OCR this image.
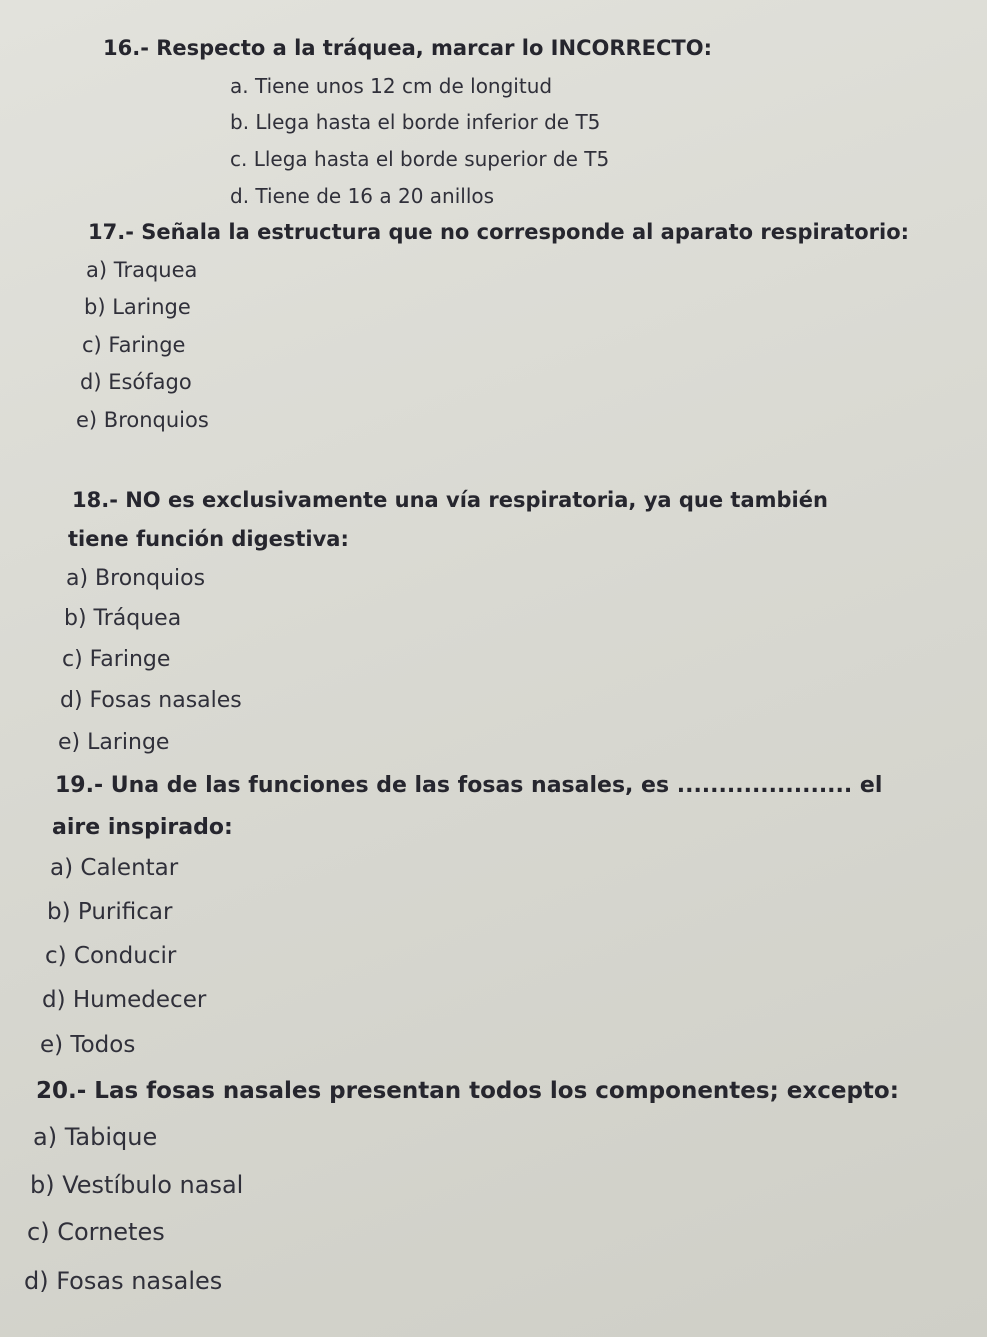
16.- Respecto a la tráquea, marcar lo INCORRECTO:
a. Tiene unos 12 cm de longitud
b. Llega hasta el borde inferior de T5
c. Llega hasta el borde superior de T5
d. Tiene de 16 a 20 anillos
17.- Señala la estructura que no corresponde al aparato respiratorio:
a) Traquea
b) Laringe
c) Faringe
d) Esófago
e) Bronquios
18.- NO es exclusivamente una vía respiratoria, ya que también
tiene función digestiva:
a) Bronquios
b) Tráquea
c) Faringe
d) Fosas nasales
e) Laringe
19.- Una de las funciones de las fosas nasales, es ..................... el
aire inspirado:
a) Calentar
b) Purificar
c) Conducir
d) Humedecer
e) Todos
20.- Las fosas nasales presentan todos los componentes; excepto:
a) Tabique
b) Vestíbulo nasal
c) Cornetes
d) Fosas nasales
